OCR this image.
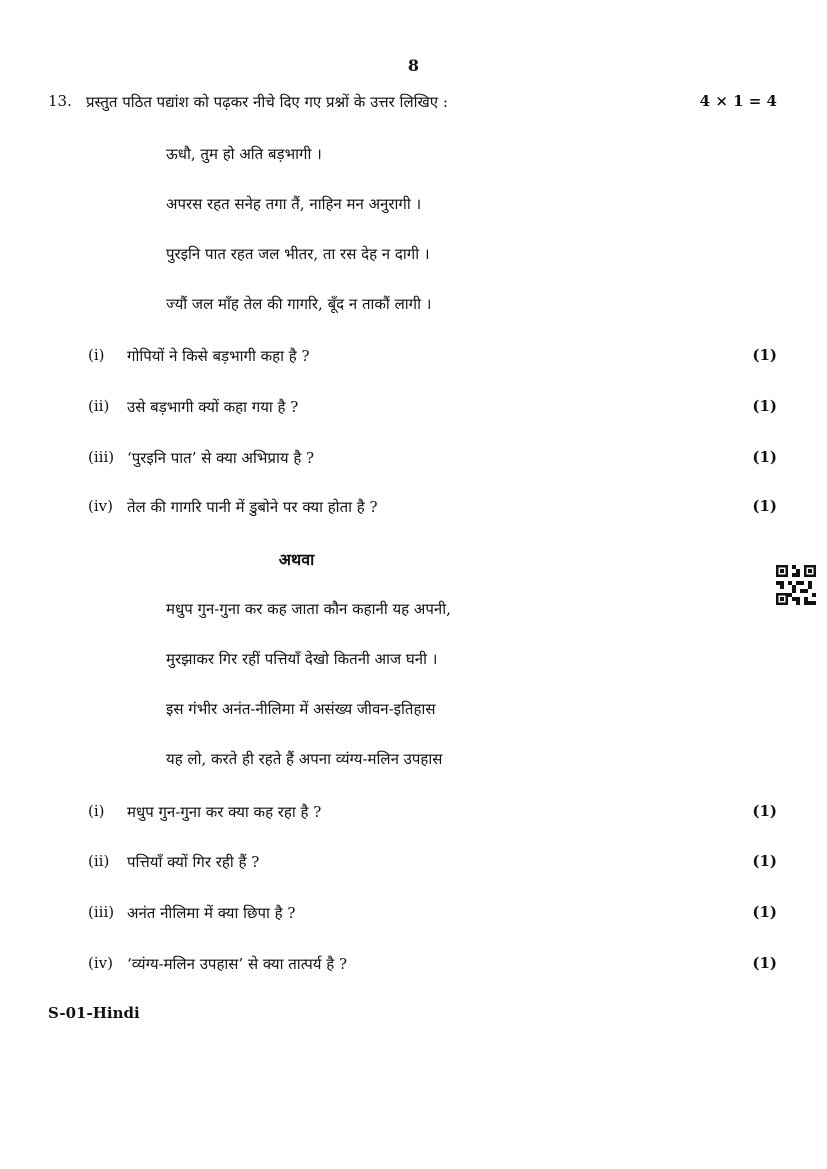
8
13. प्रस्तुत पठित पद्यांश को पढ़कर नीचे दिए गए प्रश्नों के उत्तर लिखिए :	4 × 1 = 4
ऊधौ, तुम हो अति बड़भागी ।
अपरस रहत सनेह तगा तैं, नाहिन मन अनुरागी ।
पुरइनि पात रहत जल भीतर, ता रस देह न दागी ।
ज्यौं जल माँह तेल की गागरि, बूँद न ताकौं लागी ।
(i) गोपियों ने किसे बड़भागी कहा है ?	(1)
(ii) उसे बड़भागी क्यों कहा गया है ?	(1)
(iii) ‘पुरइनि पात’ से क्या अभिप्राय है ?	(1)
(iv) तेल की गागरि पानी में डुबोने पर क्या होता है ?	(1)
अथवा
मधुप गुन-गुना कर कह जाता कौन कहानी यह अपनी,
मुरझाकर गिर रहीं पत्तियाँ देखो कितनी आज घनी ।
इस गंभीर अनंत-नीलिमा में असंख्य जीवन-इतिहास
यह लो, करते ही रहते हैं अपना व्यंग्य-मलिन उपहास
(i) मधुप गुन-गुना कर क्या कह रहा है ?	(1)
(ii) पत्तियाँ क्यों गिर रही हैं ?	(1)
(iii) अनंत नीलिमा में क्या छिपा है ?	(1)
(iv) ‘व्यंग्य-मलिन उपहास’ से क्या तात्पर्य है ?	(1)
S-01-Hindi
